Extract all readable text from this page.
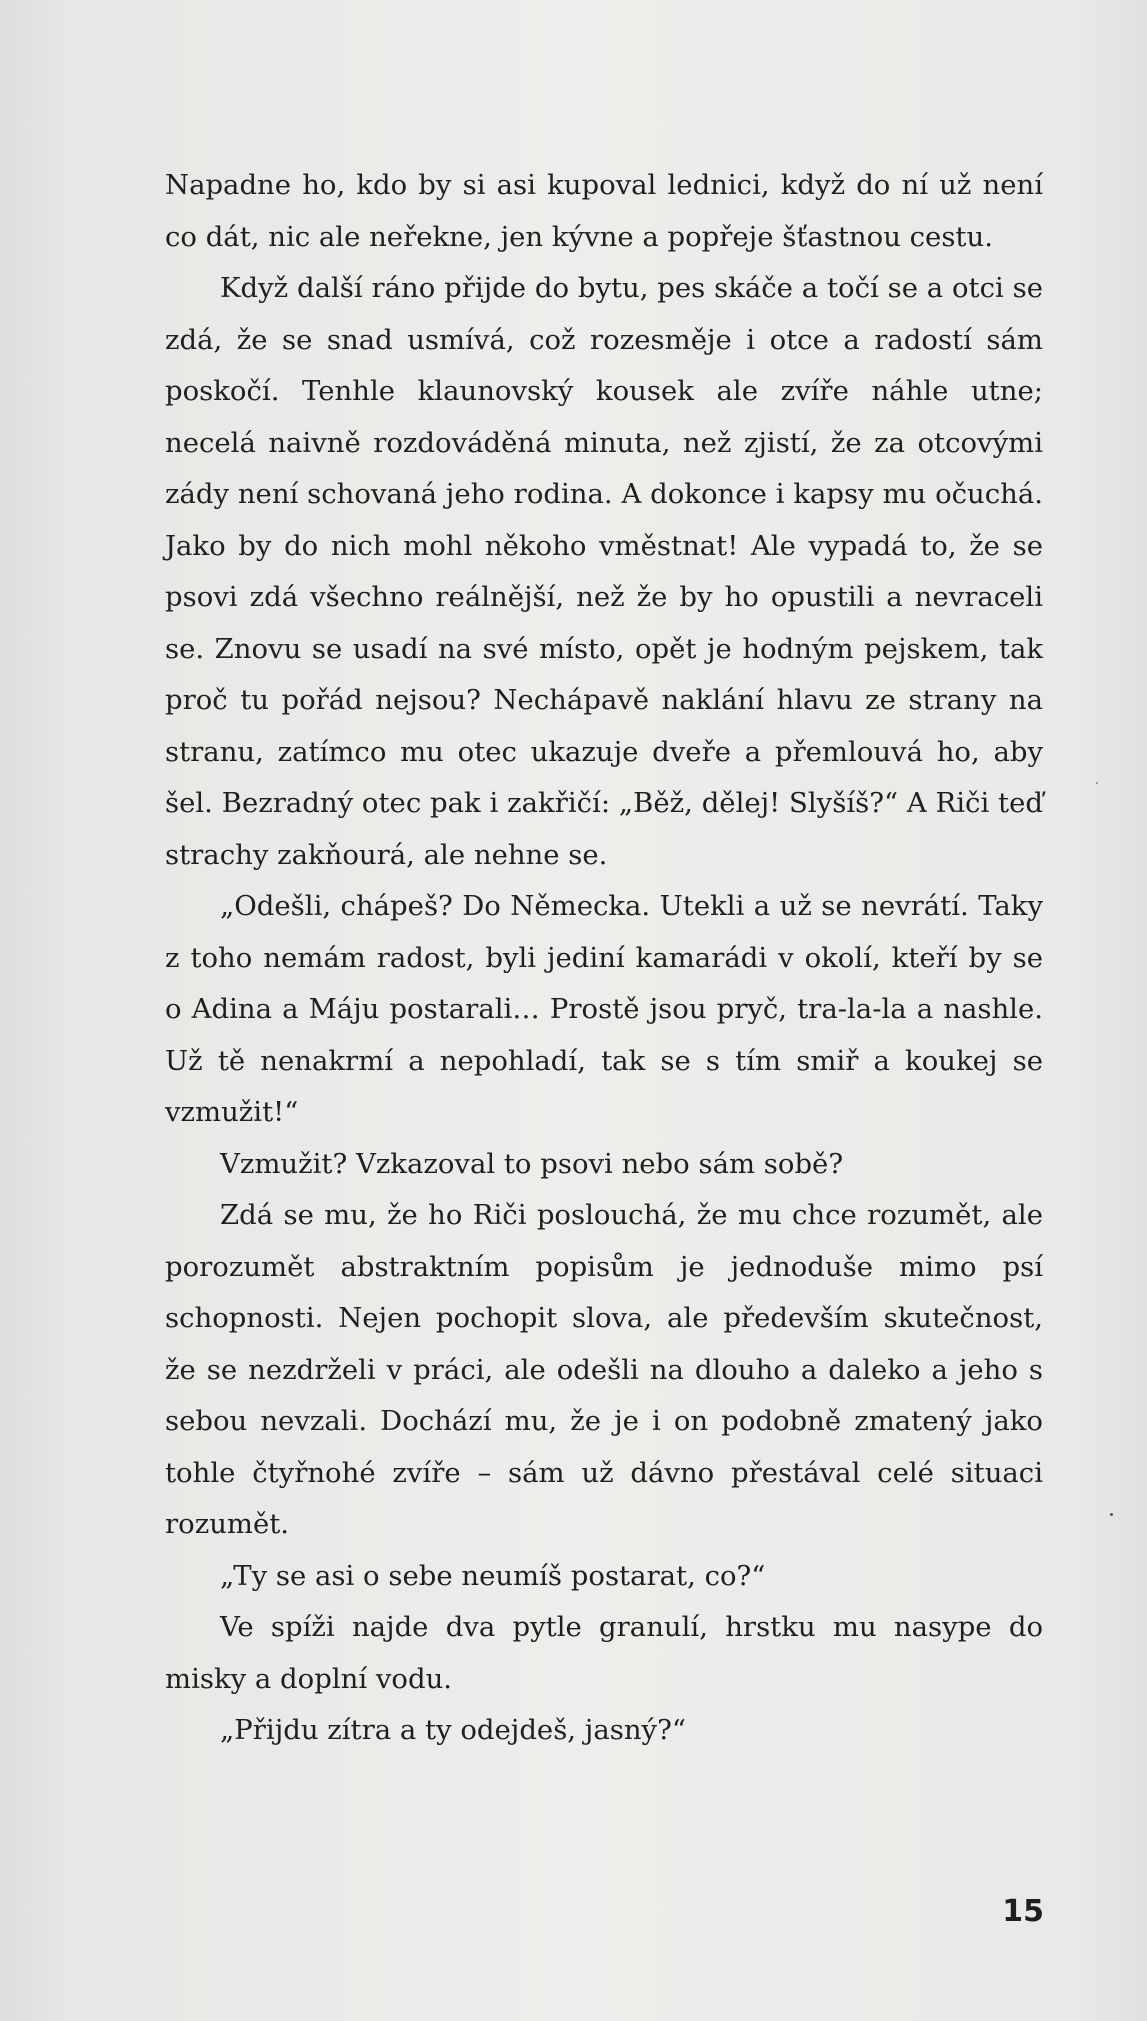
Napadne ho, kdo by si asi kupoval lednici, když do ní už není co dát, nic ale neřekne, jen kývne a popřeje šťastnou cestu.

Když další ráno přijde do bytu, pes skáče a točí se a otci se zdá, že se snad usmívá, což rozesměje i otce a radostí sám poskočí. Tenhle klaunovský kousek ale zvíře náhle utne; necelá naivně rozdováděná minuta, než zjistí, že za otcovými zády není schovaná jeho rodina. A dokonce i kapsy mu očuchá. Jako by do nich mohl někoho vměstnat! Ale vypadá to, že se psovi zdá všechno reálnější, než že by ho opustili a nevraceli se. Znovu se usadí na své místo, opět je hodným pejskem, tak proč tu pořád nejsou? Nechápavě naklání hlavu ze strany na stranu, zatímco mu otec ukazuje dveře a přemlouvá ho, aby šel. Bezradný otec pak i zakřičí: „Běž, dělej! Slyšíš?“ A Riči teď strachy zakňourá, ale nehne se.

„Odešli, chápeš? Do Německa. Utekli a už se nevrátí. Taky z toho nemám radost, byli jediní kamarádi v okolí, kteří by se o Adina a Máju postarali… Prostě jsou pryč, tra-la-la a nashle. Už tě nenakrmí a nepohladí, tak se s tím smiř a koukej se vzmužit!“

Vzmužit? Vzkazoval to psovi nebo sám sobě?

Zdá se mu, že ho Riči poslouchá, že mu chce rozumět, ale porozumět abstraktním popisům je jednoduše mimo psí schopnosti. Nejen pochopit slova, ale především skutečnost, že se nezdrželi v práci, ale odešli na dlouho a daleko a jeho s sebou nevzali. Dochází mu, že je i on podobně zmatený jako tohle čtyřnohé zvíře – sám už dávno přestával celé situaci rozumět.

„Ty se asi o sebe neumíš postarat, co?“

Ve spíži najde dva pytle granulí, hrstku mu nasype do misky a doplní vodu.

„Přijdu zítra a ty odejdeš, jasný?“

15
